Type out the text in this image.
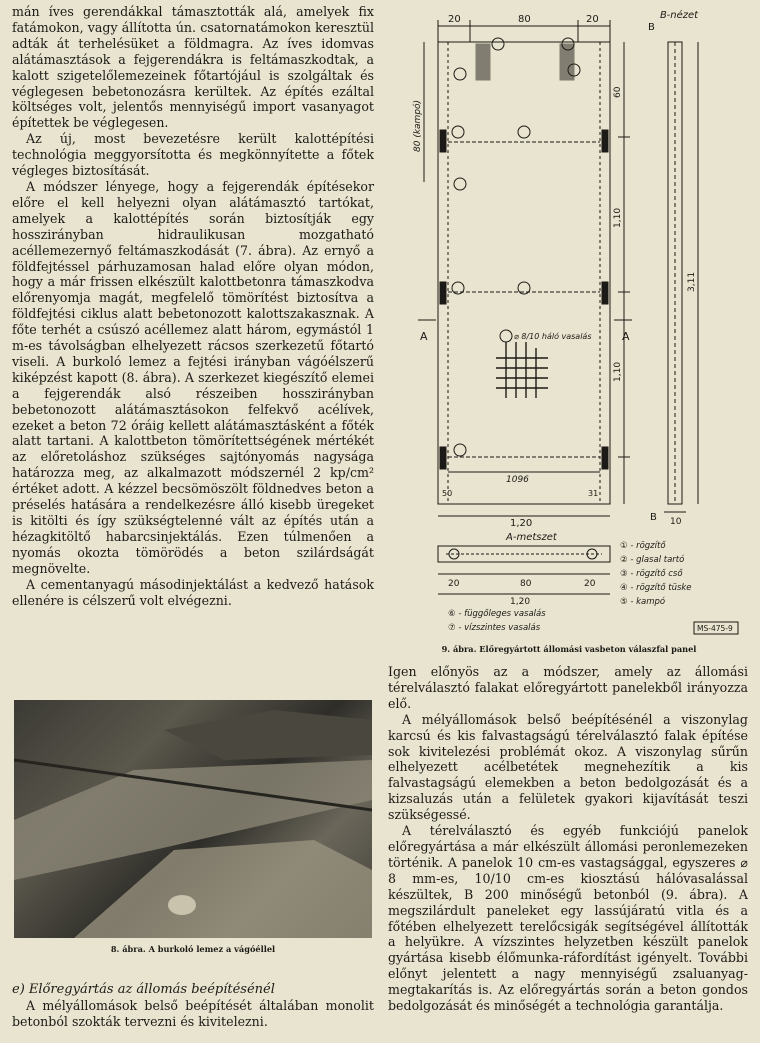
mán íves gerendákkal támasztották alá, amelyek fix fatámokon, vagy állította ún. csatornatámokon keresztül adták át terhelésüket a földmagra. Az íves idomvas alátámasztások a fejgerendákra is feltámaszkodtak, a kalott szigetelőlemezeinek főtartójául is szolgáltak és véglegesen bebetonozásra kerültek. Az építés ezáltal költséges volt, jelentős mennyiségű import vasanyagot építettek be véglegesen.

Az új, most bevezetésre került kalottépítési technológia meggyorsította és megkönnyítette a főtek végleges biztosítását.

A módszer lényege, hogy a fejgerendák építésekor előre el kell helyezni olyan alátámasztó tartókat, amelyek a kalottépítés során biztosítják egy hosszirányban hidraulikusan mozgatható acéllemezernyő feltámaszkodását (7. ábra). Az ernyő a földfejtéssel párhuzamosan halad előre olyan módon, hogy a már frissen elkészült kalottbetonra támaszkodva előrenyomja magát, megfelelő tömörítést biztosítva a földfejtési ciklus alatt bebetonozott kalottszakasznak. A főte terhét a csúszó acéllemez alatt három, egymástól 1 m-es távolságban elhelyezett rácsos szerkezetű főtartó viseli. A burkoló lemez a fejtési irányban vágóélszerű kiképzést kapott (8. ábra). A szerkezet kiegészítő elemei a fejgerendák alsó részeiben hosszirányban bebetonozott alátámasztásokon felfekvő acélívek, ezeket a beton 72 óráig kellett alátámasztásként a főték alatt tartani. A kalottbeton tömörítettségének mértékét az előretoláshoz szükséges sajtónyomás nagysága határozza meg, az alkalmazott módszernél 2 kp/cm² értéket adott. A kézzel becsömöszölt földnedves beton a préselés hatására a rendelkezésre álló kisebb üregeket is kitölti és így szükségtelenné vált az építés után a hézagkitöltő habarcsinjektálás. Ezen túlmenően a nyomás okozta tömörödés a beton szilárdságát megnövelte.

A cementanyagú másodinjektálást a kedvező hatások ellenére is célszerű volt elvégezni.

8. ábra. A burkoló lemez a vágóéllel

e) Előregyártás az állomás beépítésénél

A mélyállomások belső beépítését általában monolit betonból szokták tervezni és kivitelezni.

20	80	20
⌀ 8/10 háló vasalás
80 (kampó)
A	A
60
1,10
1,10
B-nézet
B
3,11
B 10
1096
50	31
1,20
A-metszet
20	80	20
1,20
① - rögzítő
② - glasal tartó
③ - rögzítő cső
④ - rögzítő tüske
⑤ - kampó
⑥ - függőleges vasalás
⑦ - vízszintes vasalás	MS-475-9
9. ábra. Előregyártott állomási vasbeton válaszfal panel

Igen előnyös az a módszer, amely az állomási térelválasztó falakat előregyártott panelekből irányozza elő.

A mélyállomások belső beépítésénél a viszonylag karcsú és kis falvastagságú térelválasztó falak építése sok kivitelezési problémát okoz. A viszonylag sűrűn elhelyezett acélbetétek megnehezítik a kis falvastagságú elemekben a beton bedolgozását és a kizsaluzás után a felületek gyakori kijavítását teszi szükségessé.

A térelválasztó és egyéb funkciójú panelok előregyártása a már elkészült állomási peronlemezeken történik. A panelok 10 cm-es vastagsággal, egyszeres ⌀ 8 mm-es, 10/10 cm-es kiosztású hálóvasalással készültek, B 200 minőségű betonból (9. ábra). A megszilárdult paneleket egy lassújáratú vitla és a főtében elhelyezett terelőcsigák segítségével állították a helyükre. A vízszintes helyzetben készült panelok gyártása kisebb élőmunka-ráfordítást igényelt. További előnyt jelentett a nagy mennyiségű zsaluanyag-megtakarítás is. Az előregyártás során a beton gondos bedolgozását és minőségét a technológia garantálja.
